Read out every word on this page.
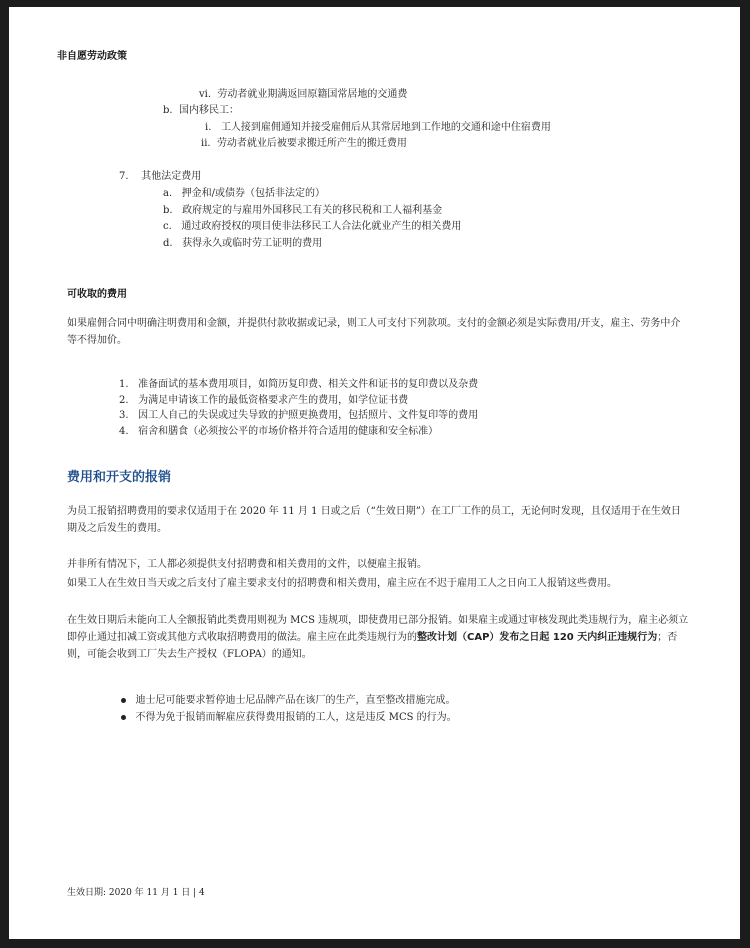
非自愿劳动政策
vi. 劳动者就业期满返回原籍国常居地的交通费
b. 国内移民工：
i. 工人接到雇佣通知并接受雇佣后从其常居地到工作地的交通和途中住宿费用
ii. 劳动者就业后被要求搬迁所产生的搬迁费用
7. 其他法定费用
a. 押金和/或债券（包括非法定的）
b. 政府规定的与雇用外国移民工有关的移民税和工人福利基金
c. 通过政府授权的项目使非法移民工人合法化就业产生的相关费用
d. 获得永久或临时劳工证明的费用
可收取的费用
如果雇佣合同中明确注明费用和金额，并提供付款收据或记录，则工人可支付下列款项。支付的金额必须是实际费用/开支，雇主、劳务中介等不得加价。
1. 准备面试的基本费用项目，如简历复印费、相关文件和证书的复印费以及杂费
2. 为满足申请该工作的最低资格要求产生的费用，如学位证书费
3. 因工人自己的失误或过失导致的护照更换费用，包括照片、文件复印等的费用
4. 宿舍和膳食（必须按公平的市场价格并符合适用的健康和安全标准）
费用和开支的报销
为员工报销招聘费用的要求仅适用于在 2020 年 11 月 1 日或之后（“生效日期”）在工厂工作的员工，无论何时发现，且仅适用于在生效日期及之后发生的费用。
并非所有情况下，工人都必须提供支付招聘费和相关费用的文件，以便雇主报销。
如果工人在生效日当天或之后支付了雇主要求支付的招聘费和相关费用，雇主应在不迟于雇用工人之日向工人报销这些费用。
在生效日期后未能向工人全额报销此类费用则视为 MCS 违规项，即使费用已部分报销。如果雇主或通过审核发现此类违规行为，雇主必须立即停止通过扣减工资或其他方式收取招聘费用的做法。雇主应在此类违规行为的整改计划（CAP）发布之日起 120 天内纠正违规行为；否则，可能会收到工厂失去生产授权（FLOPA）的通知。
迪士尼可能要求暂停迪士尼品牌产品在该厂的生产，直至整改措施完成。
不得为免于报销而解雇应获得费用报销的工人，这是违反 MCS 的行为。
生效日期: 2020 年 11 月 1 日 | 4
